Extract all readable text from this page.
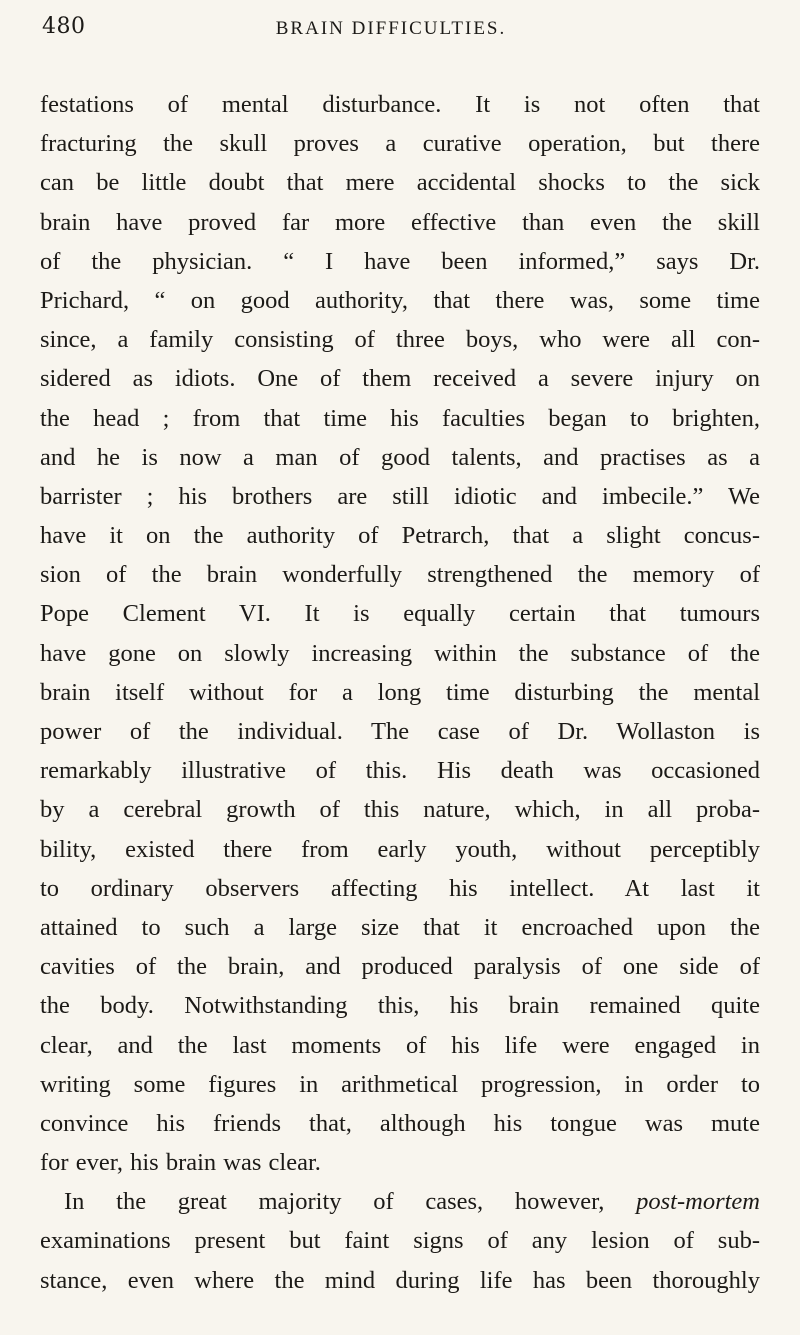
480	BRAIN DIFFICULTIES.
festations of mental disturbance. It is not often that
fracturing the skull proves a curative operation, but there
can be little doubt that mere accidental shocks to the sick
brain have proved far more effective than even the skill
of the physician. “ I have been informed,” says Dr.
Prichard, “ on good authority, that there was, some time
since, a family consisting of three boys, who were all con-
sidered as idiots. One of them received a severe injury on
the head ; from that time his faculties began to brighten,
and he is now a man of good talents, and practises as a
barrister ; his brothers are still idiotic and imbecile.” We
have it on the authority of Petrarch, that a slight concus-
sion of the brain wonderfully strengthened the memory of
Pope Clement VI. It is equally certain that tumours
have gone on slowly increasing within the substance of the
brain itself without for a long time disturbing the mental
power of the individual. The case of Dr. Wollaston is
remarkably illustrative of this. His death was occasioned
by a cerebral growth of this nature, which, in all proba-
bility, existed there from early youth, without perceptibly
to ordinary observers affecting his intellect. At last it
attained to such a large size that it encroached upon the
cavities of the brain, and produced paralysis of one side of
the body. Notwithstanding this, his brain remained quite
clear, and the last moments of his life were engaged in
writing some figures in arithmetical progression, in order to
convince his friends that, although his tongue was mute
for ever, his brain was clear.
In the great majority of cases, however, post-mortem
examinations present but faint signs of any lesion of sub-
stance, even where the mind during life has been thoroughly
